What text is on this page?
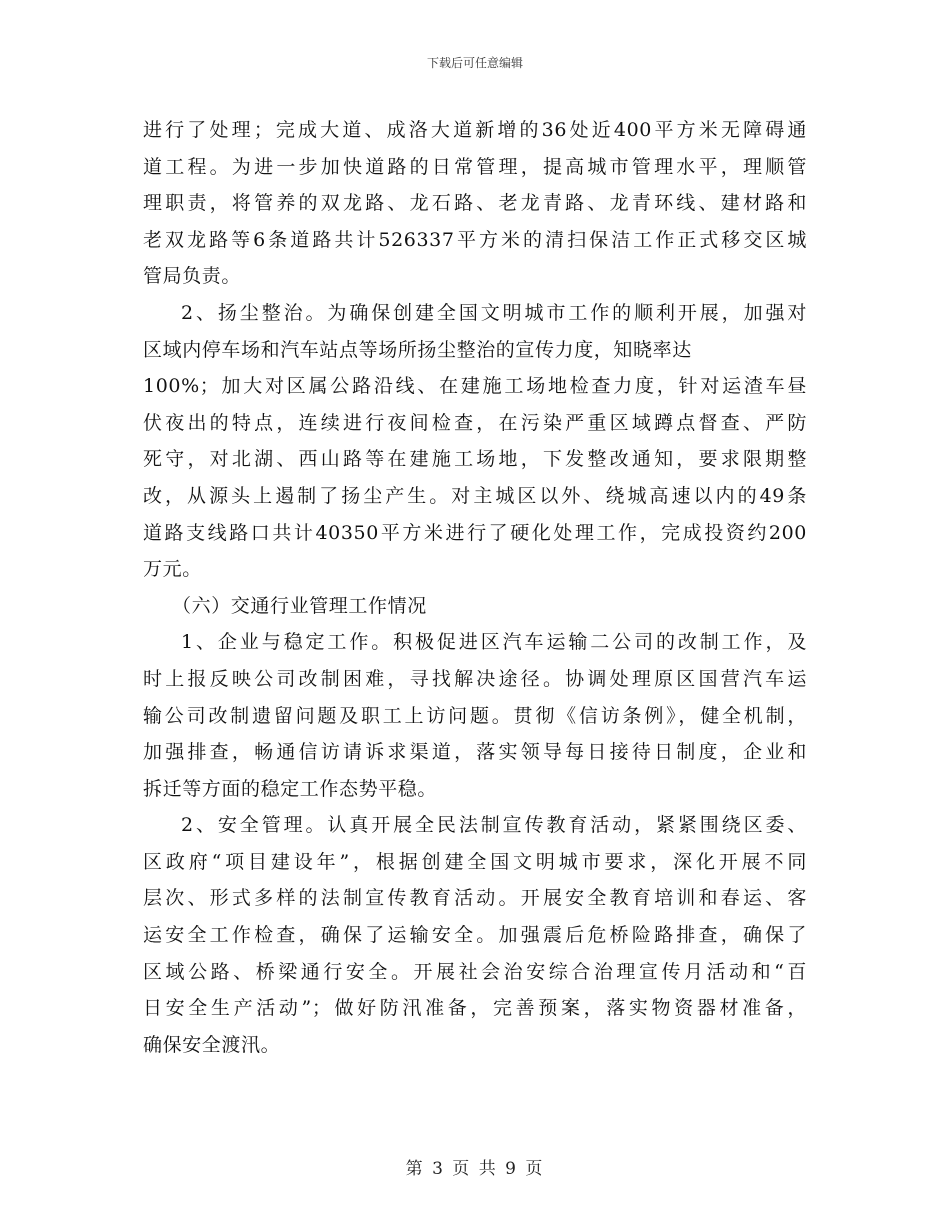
下载后可任意编辑
进行了处理；完成大道、成洛大道新增的36处近400平方米无障碍通
道工程。为进一步加快道路的日常管理，提高城市管理水平，理顺管
理职责，将管养的双龙路、龙石路、老龙青路、龙青环线、建材路和
老双龙路等6条道路共计526337平方米的清扫保洁工作正式移交区城
管局负责。
2、扬尘整治。为确保创建全国文明城市工作的顺利开展，加强对
区域内停车场和汽车站点等场所扬尘整治的宣传力度，知晓率达
100%；加大对区属公路沿线、在建施工场地检查力度，针对运渣车昼
伏夜出的特点，连续进行夜间检查，在污染严重区域蹲点督查、严防
死守，对北湖、西山路等在建施工场地，下发整改通知，要求限期整
改，从源头上遏制了扬尘产生。对主城区以外、绕城高速以内的49条
道路支线路口共计40350平方米进行了硬化处理工作，完成投资约200
万元。
（六）交通行业管理工作情况
1、企业与稳定工作。积极促进区汽车运输二公司的改制工作，及
时上报反映公司改制困难，寻找解决途径。协调处理原区国营汽车运
输公司改制遗留问题及职工上访问题。贯彻《信访条例》，健全机制，
加强排查，畅通信访请诉求渠道，落实领导每日接待日制度，企业和
拆迁等方面的稳定工作态势平稳。
2、安全管理。认真开展全民法制宣传教育活动，紧紧围绕区委、
区政府“项目建设年”，根据创建全国文明城市要求，深化开展不同
层次、形式多样的法制宣传教育活动。开展安全教育培训和春运、客
运安全工作检查，确保了运输安全。加强震后危桥险路排查，确保了
区域公路、桥梁通行安全。开展社会治安综合治理宣传月活动和“百
日安全生产活动”；做好防汛准备，完善预案，落实物资器材准备，
确保安全渡汛。
第 3 页 共 9 页
